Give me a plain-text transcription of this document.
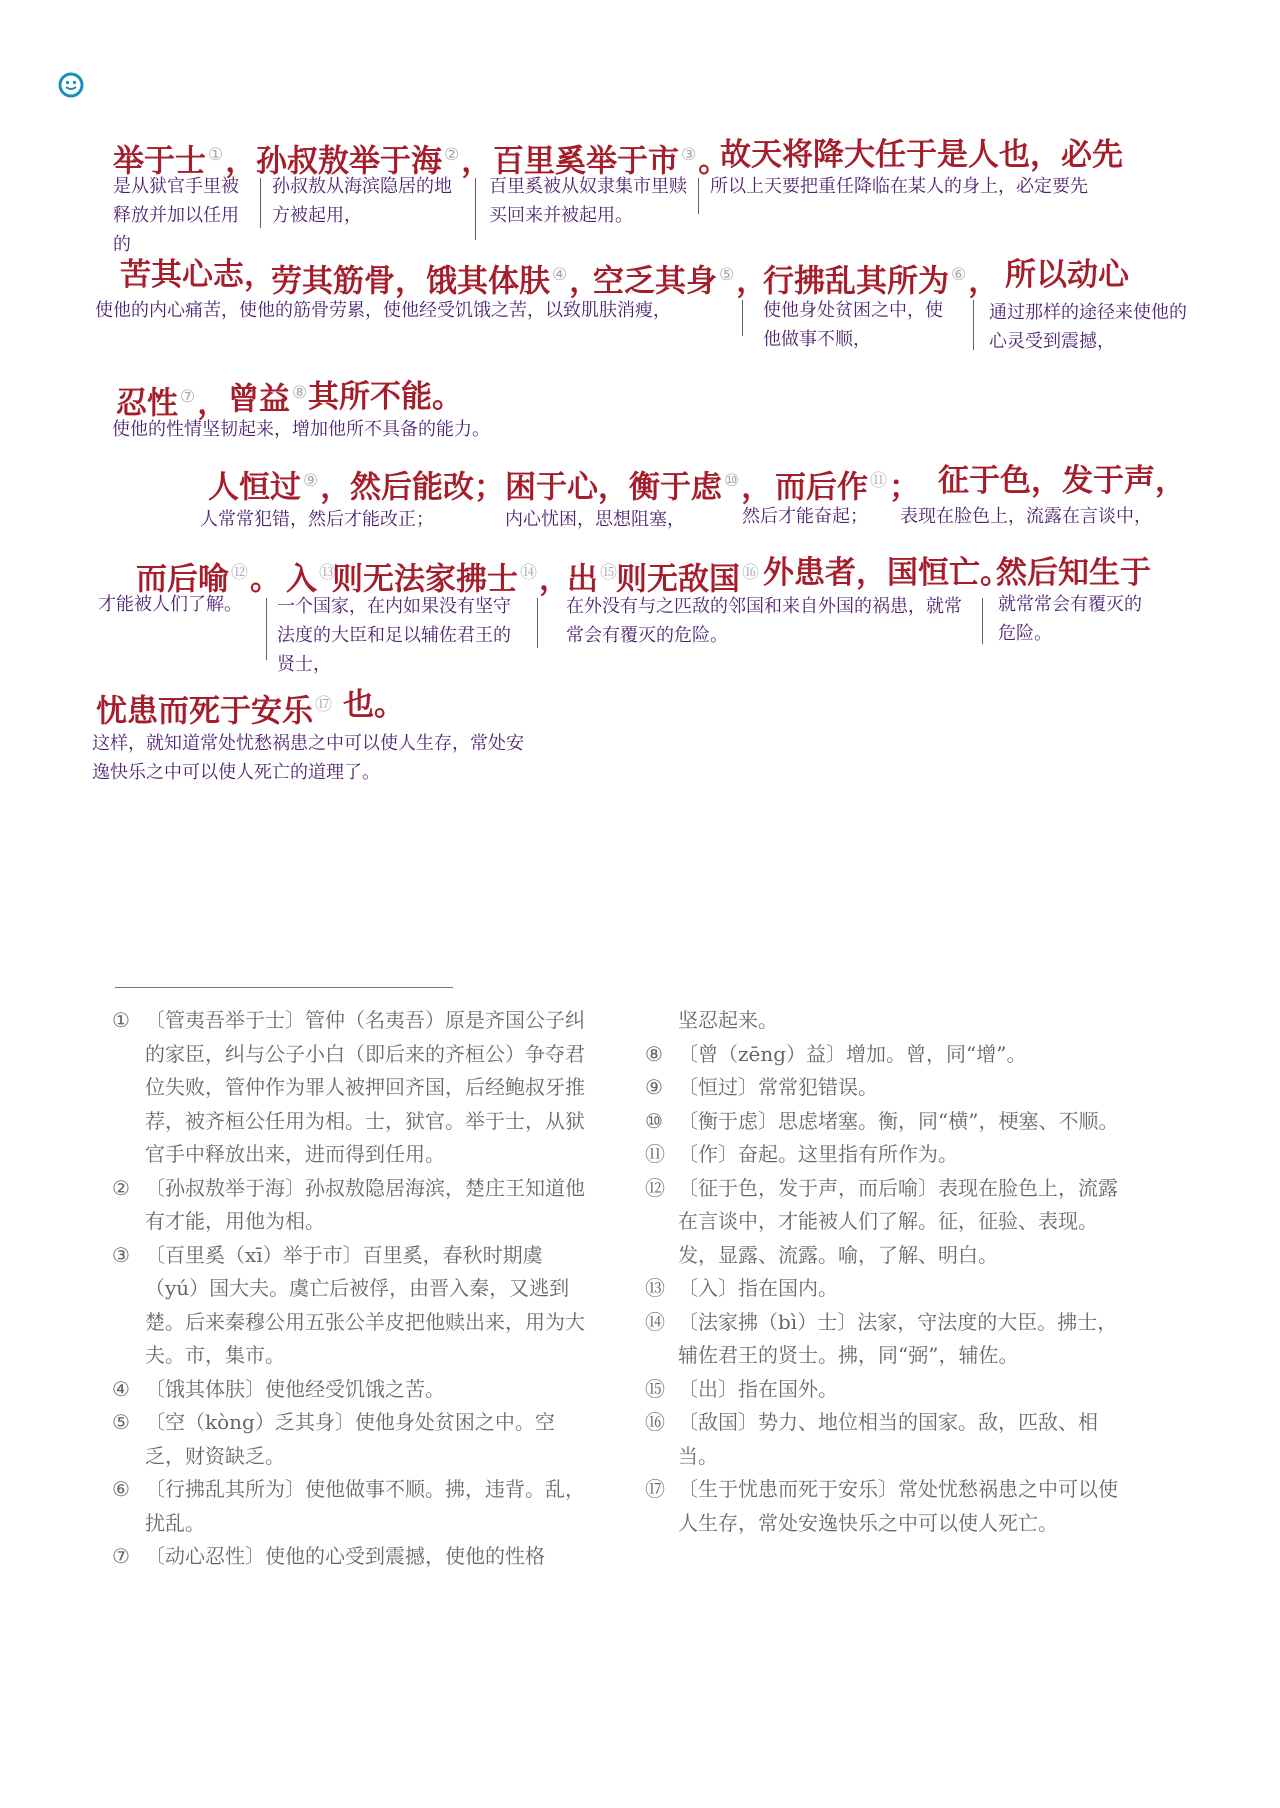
举于士 ①， 孙叔敖举于海 ②， 百里奚举于市 ③。
故天将降大任于是人也，必先
是从狱官手里被释放并加以任用的
孙叔敖从海滨隐居的地方被起用，
百里奚被从奴隶集市里赎买回来并被起用。
所以上天要把重任降临在某人的身上，必定要先
苦其心志，
劳其筋骨，饿其体肤 ④，
空乏其身 ⑤，
行拂乱其所为 ⑥， 所以动心
使他的内心痛苦，使他的筋骨劳累，使他经受饥饿之苦，以致肌肤消瘦，	使他身处贫困之中，使他做事不顺，
通过那样的途径来使他的心灵受到震撼，
忍性 ⑦， 曾益 ⑧ 其所不能。
使他的性情坚韧起来，增加他所不具备的能力。
人恒过 ⑨，
然后能改；困于心，衡于虑 ⑩， 而后作 ⑪； 征于色，发于声，
人常常犯错，然后才能改正；	内心忧困，思想阻塞，	然后才能奋起； 表现在脸色上，流露在言谈中，
而后喻 ⑫。 入 ⑬
则无法家拂士 ⑭，
出 ⑮ 则无敌国 ⑯ 外患者，国恒亡。
然后知生于
才能被人们了解。 一个国家，在内如果没有坚守法度的大臣和足以辅佐君王的贤士，
在外没有与之匹敌的邻国和来自外国的祸患，就常常会有覆灭的危险。
就常常会有覆灭的危险。
忧患而死于安乐 ⑰ 也。
这样，就知道常处忧愁祸患之中可以使人生存，常处安逸快乐之中可以使人死亡的道理了。
① 〔管夷吾举于士〕管仲（名夷吾）原是齐国公子纠的家臣，纠与公子小白（即后来的齐桓公）争夺君位失败，管仲作为罪人被押回齐国，后经鲍叔牙推荐，被齐桓公任用为相。士，狱官。举于士，从狱官手中释放出来，进而得到任用。
② 〔孙叔敖举于海〕孙叔敖隐居海滨，楚庄王知道他有才能，用他为相。
③ 〔百里奚（xī）举于市〕百里奚，春秋时期虞（yú）国大夫。虞亡后被俘，由晋入秦，又逃到楚。后来秦穆公用五张公羊皮把他赎出来，用为大夫。市，集市。
④ 〔饿其体肤〕使他经受饥饿之苦。
⑤ 〔空（kòng）乏其身〕使他身处贫困之中。空乏，财资缺乏。
⑥ 〔行拂乱其所为〕使他做事不顺。拂，违背。乱，扰乱。
⑦ 〔动心忍性〕使他的心受到震撼，使他的性格
坚忍起来。
⑧ 〔曾（zēng）益〕增加。曾，同“增”。
⑨ 〔恒过〕常常犯错误。
⑩ 〔衡于虑〕思虑堵塞。衡，同“横”，梗塞、不顺。
⑪ 〔作〕奋起。这里指有所作为。
⑫ 〔征于色，发于声，而后喻〕表现在脸色上，流露在言谈中，才能被人们了解。征，征验、表现。发，显露、流露。喻，了解、明白。
⑬ 〔入〕指在国内。
⑭ 〔法家拂（bì）士〕法家，守法度的大臣。拂士，辅佐君王的贤士。拂，同“弼”，辅佐。
⑮ 〔出〕指在国外。
⑯ 〔敌国〕势力、地位相当的国家。敌，匹敌、相当。
⑰ 〔生于忧患而死于安乐〕常处忧愁祸患之中可以使人生存，常处安逸快乐之中可以使人死亡。
